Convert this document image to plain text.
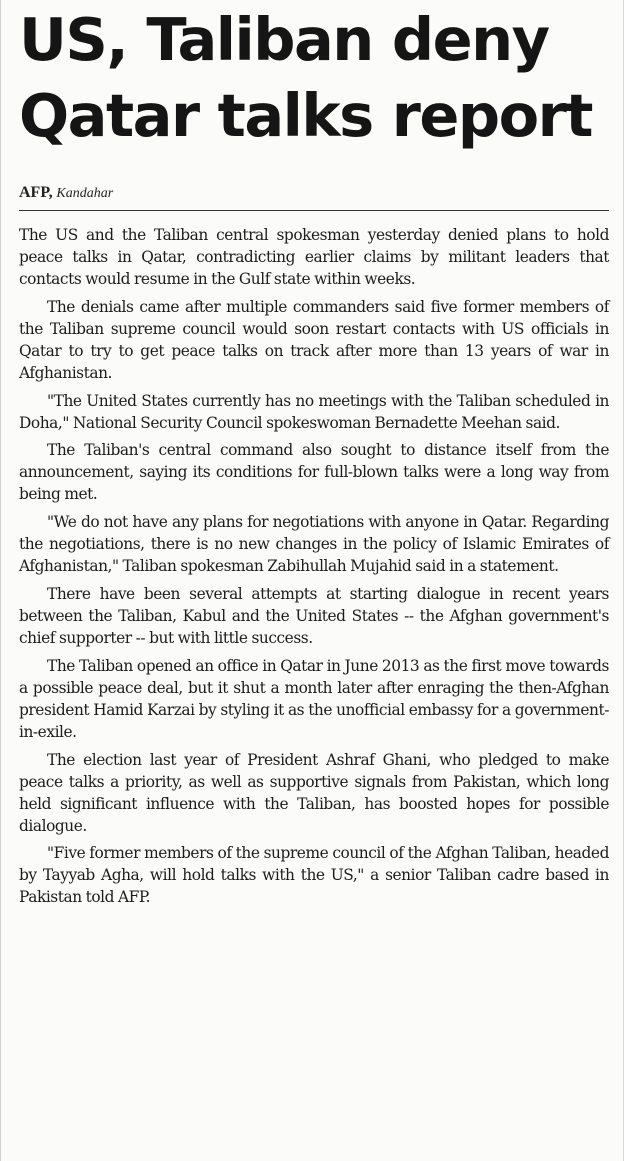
US, Taliban deny
Qatar talks report
AFP, Kandahar

The US and the Taliban central spokesman yesterday denied plans to hold peace talks in Qatar, contradicting earlier claims by militant leaders that contacts would resume in the Gulf state within weeks.

The denials came after multiple commanders said five former members of the Taliban supreme council would soon restart contacts with US officials in Qatar to try to get peace talks on track after more than 13 years of war in Afghanistan.

"The United States currently has no meetings with the Taliban scheduled in Doha," National Security Council spokeswoman Bernadette Meehan said.

The Taliban's central command also sought to distance itself from the announcement, saying its conditions for full-blown talks were a long way from being met.

"We do not have any plans for negotiations with anyone in Qatar. Regarding the negotiations, there is no new changes in the policy of Islamic Emirates of Afghanistan," Taliban spokesman Zabihullah Mujahid said in a statement.

There have been several attempts at starting dialogue in recent years between the Taliban, Kabul and the United States -- the Afghan government's chief supporter -- but with little success.

The Taliban opened an office in Qatar in June 2013 as the first move towards a possible peace deal, but it shut a month later after enraging the then-Afghan president Hamid Karzai by styling it as the unofficial embassy for a government-in-exile.

The election last year of President Ashraf Ghani, who pledged to make peace talks a priority, as well as supportive signals from Pakistan, which long held significant influence with the Taliban, has boosted hopes for possible dialogue.

"Five former members of the supreme council of the Afghan Taliban, headed by Tayyab Agha, will hold talks with the US," a senior Taliban cadre based in Pakistan told AFP.
